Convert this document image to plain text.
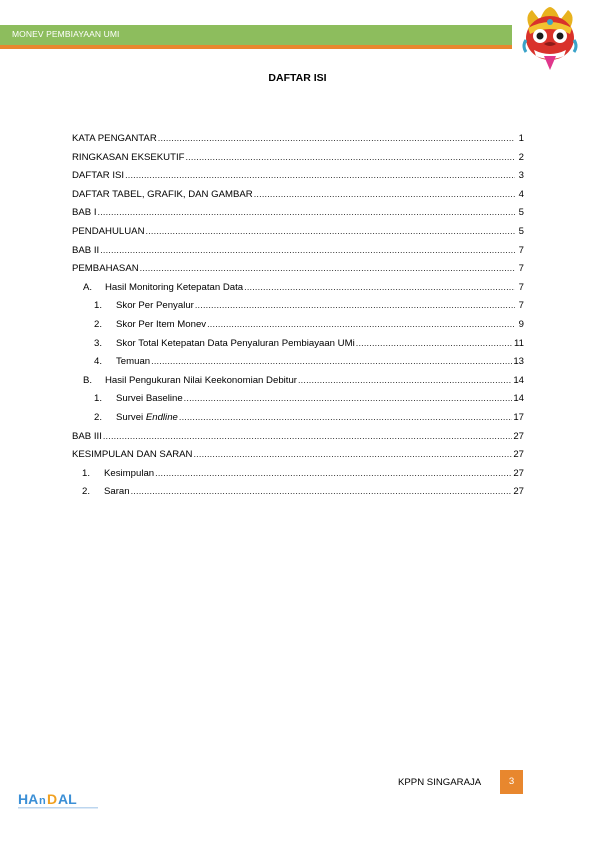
MONEV PEMBIAYAAN UMI
DAFTAR ISI
KATA PENGANTAR .....	1
RINGKASAN EKSEKUTIF .....	2
DAFTAR ISI .....	3
DAFTAR TABEL, GRAFIK, DAN GAMBAR .....	4
BAB I .....	5
PENDAHULUAN .....	5
BAB II .....	7
PEMBAHASAN .....	7
A.	Hasil Monitoring Ketepatan Data .....	7
1.	Skor Per Penyalur .....	7
2.	Skor Per Item Monev .....	9
3.	Skor Total Ketepatan Data Penyaluran Pembiayaan UMi .....	11
4.	Temuan .....	13
B.	Hasil Pengukuran Nilai Keekonomian Debitur .....	14
1.	Survei Baseline .....	14
2.	Survei Endline .....	17
BAB III .....	27
KESIMPULAN DAN SARAN .....	27
1.	Kesimpulan .....	27
2.	Saran .....	27
KPPN SINGARAJA	3
HA n D AL
